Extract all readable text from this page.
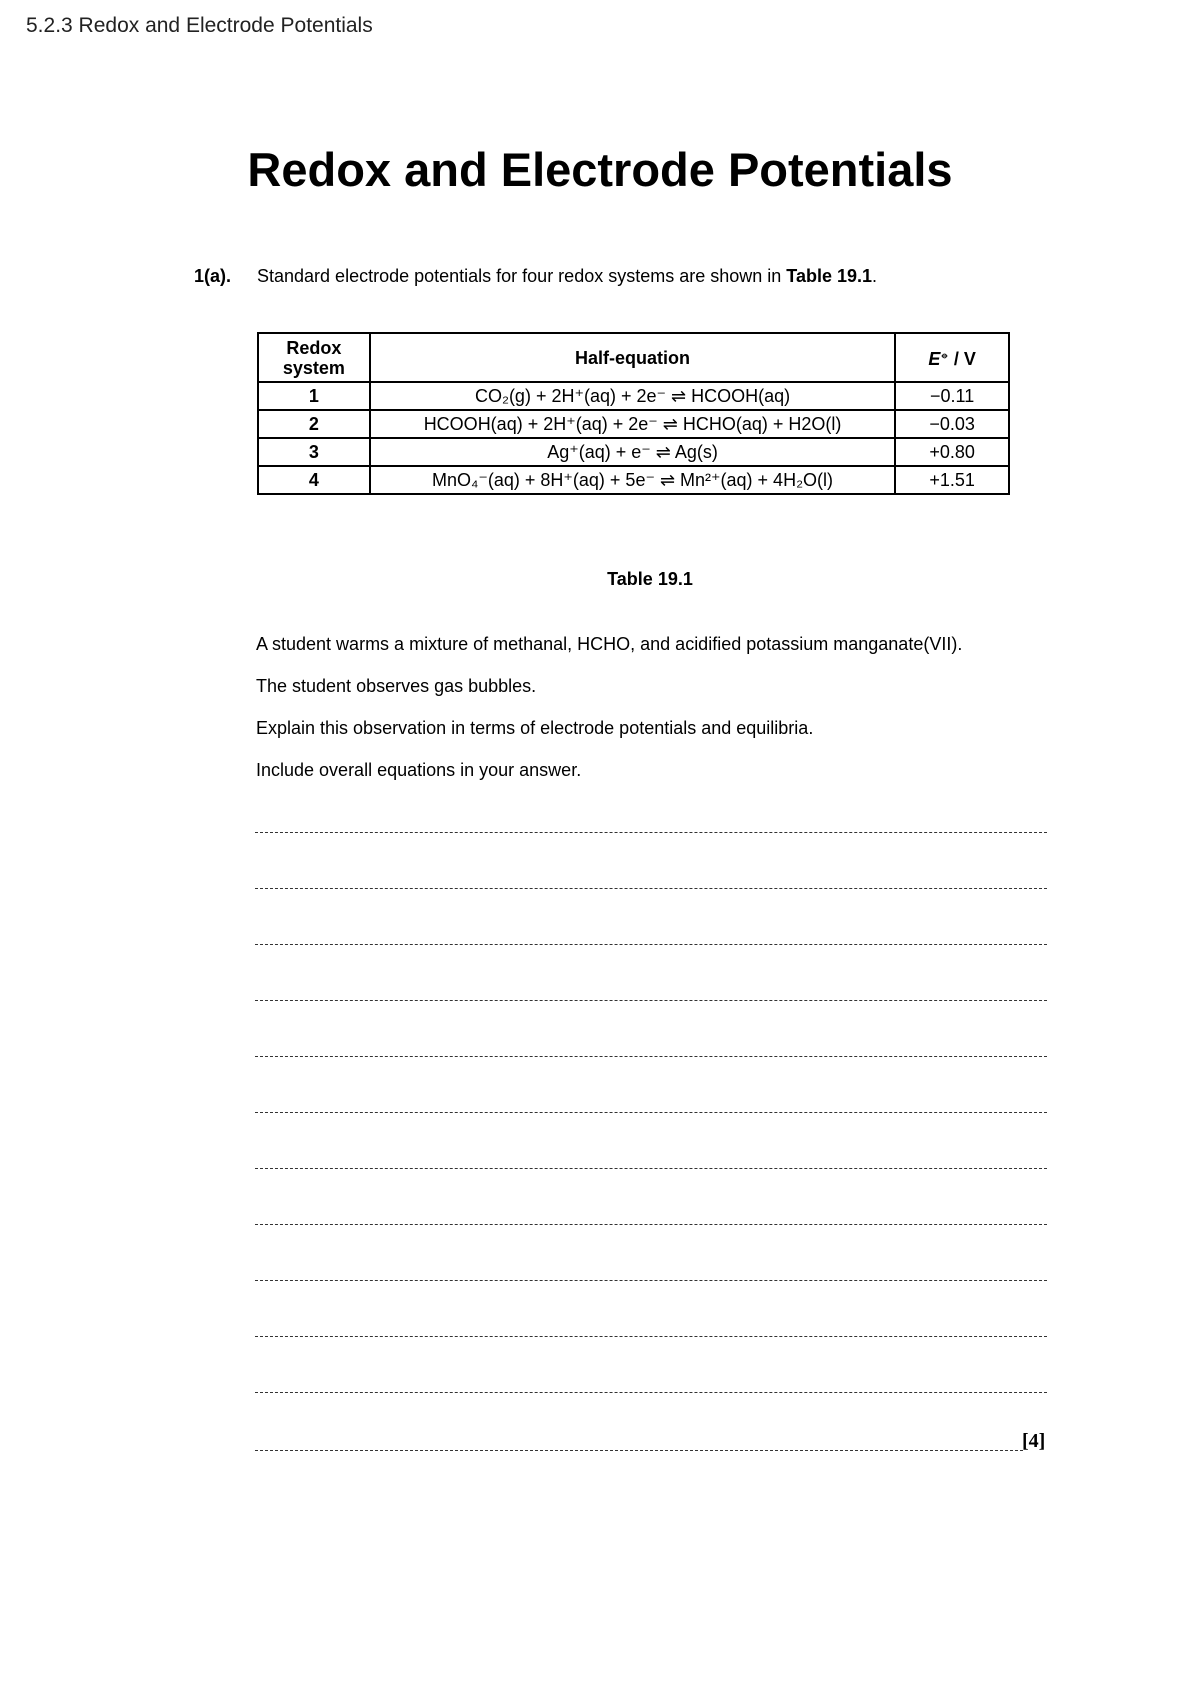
5.2.3 Redox and Electrode Potentials
Redox and Electrode Potentials
1(a). Standard electrode potentials for four redox systems are shown in Table 19.1.
Redox system	Half-equation	E⦵ / V
1	CO₂(g) + 2H⁺(aq) + 2e⁻ ⇌ HCOOH(aq)	−0.11
2	HCOOH(aq) + 2H⁺(aq) + 2e⁻ ⇌ HCHO(aq) + H2O(l)	−0.03
3	Ag⁺(aq) + e⁻ ⇌ Ag(s)	+0.80
4	MnO₄⁻(aq) + 8H⁺(aq) + 5e⁻ ⇌ Mn²⁺(aq) + 4H₂O(l)	+1.51
Table 19.1
A student warms a mixture of methanal, HCHO, and acidified potassium manganate(VII).
The student observes gas bubbles.
Explain this observation in terms of electrode potentials and equilibria.
Include overall equations in your answer.
[4]
